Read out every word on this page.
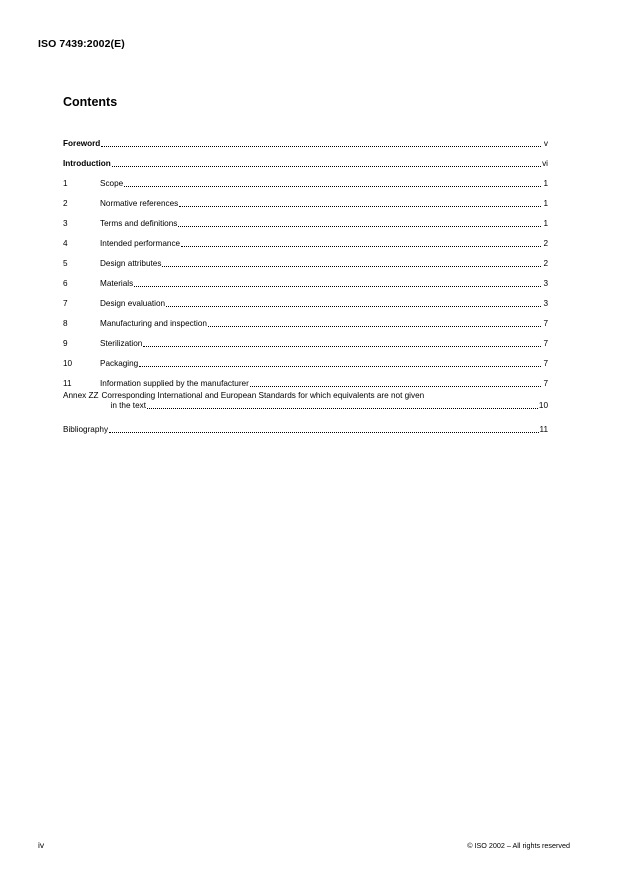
ISO 7439:2002(E)
Contents
Foreword	v
Introduction	vi
1	Scope	1
2	Normative references	1
3	Terms and definitions	1
4	Intended performance	2
5	Design attributes	2
6	Materials	3
7	Design evaluation	3
8	Manufacturing and inspection	7
9	Sterilization	7
10	Packaging	7
11	Information supplied by the manufacturer	7
Annex ZZ Corresponding International and European Standards for which equivalents are not given
in the text	10
Bibliography	11
iv	© ISO 2002 – All rights reserved
